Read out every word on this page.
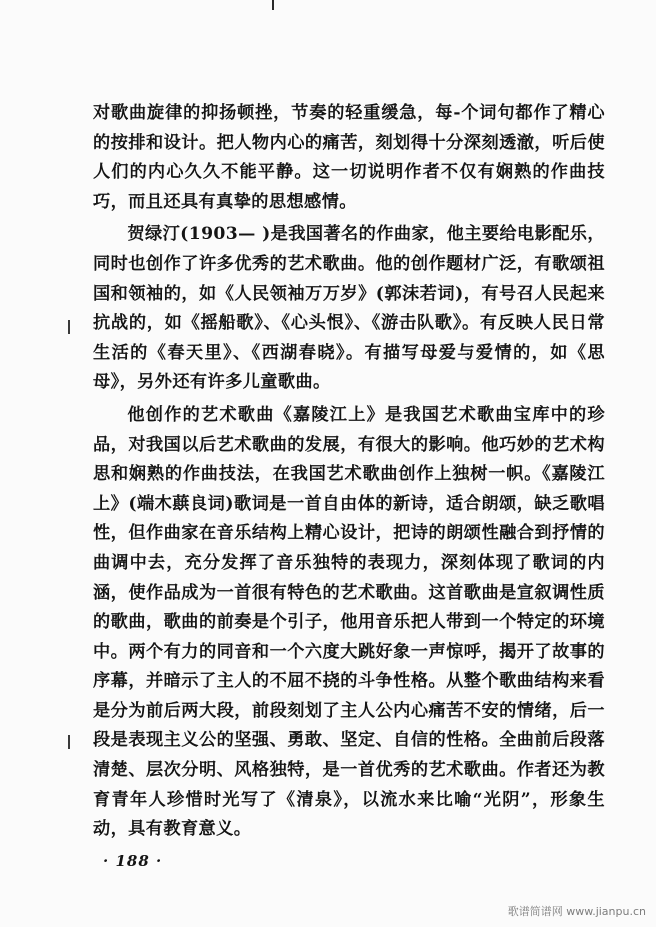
对歌曲旋律的抑扬顿挫，节奏的轻重缓急，每-个词句都作了精心的按排和设计。把人物内心的痛苦，刻划得十分深刻透澈，听后使人们的内心久久不能平静。这一切说明作者不仅有娴熟的作曲技巧，而且还具有真挚的思想感情。

贺绿汀(1903— )是我国著名的作曲家，他主要给电影配乐，同时也创作了许多优秀的艺术歌曲。他的创作题材广泛，有歌颂祖国和领袖的，如《人民领袖万万岁》(郭沫若词)，有号召人民起来抗战的，如《摇船歌》、《心头恨》、《游击队歌》。有反映人民日常生活的《春天里》、《西湖春晓》。有描写母爱与爱情的，如《思母》，另外还有许多儿童歌曲。

他创作的艺术歌曲《嘉陵江上》是我国艺术歌曲宝库中的珍品，对我国以后艺术歌曲的发展，有很大的影响。他巧妙的艺术构思和娴熟的作曲技法，在我国艺术歌曲创作上独树一帜。《嘉陵江上》(端木蕻良词)歌词是一首自由体的新诗，适合朗颂，缺乏歌唱性，但作曲家在音乐结构上精心设计，把诗的朗颂性融合到抒情的曲调中去，充分发挥了音乐独特的表现力，深刻体现了歌词的内涵，使作品成为一首很有特色的艺术歌曲。这首歌曲是宣叙调性质的歌曲，歌曲的前奏是个引子，他用音乐把人带到一个特定的环境中。两个有力的同音和一个六度大跳好象一声惊呼，揭开了故事的序幕，并暗示了主人的不屈不挠的斗争性格。从整个歌曲结构来看是分为前后两大段，前段刻划了主人公内心痛苦不安的情绪，后一段是表现主义公的坚强、勇敢、坚定、自信的性格。全曲前后段落清楚、层次分明、风格独特，是一首优秀的艺术歌曲。作者还为教育青年人珍惜时光写了《清泉》，以流水来比喻“光阴”，形象生动，具有教育意义。

· 188 ·
歌谱简谱网 www.jianpu.cn
